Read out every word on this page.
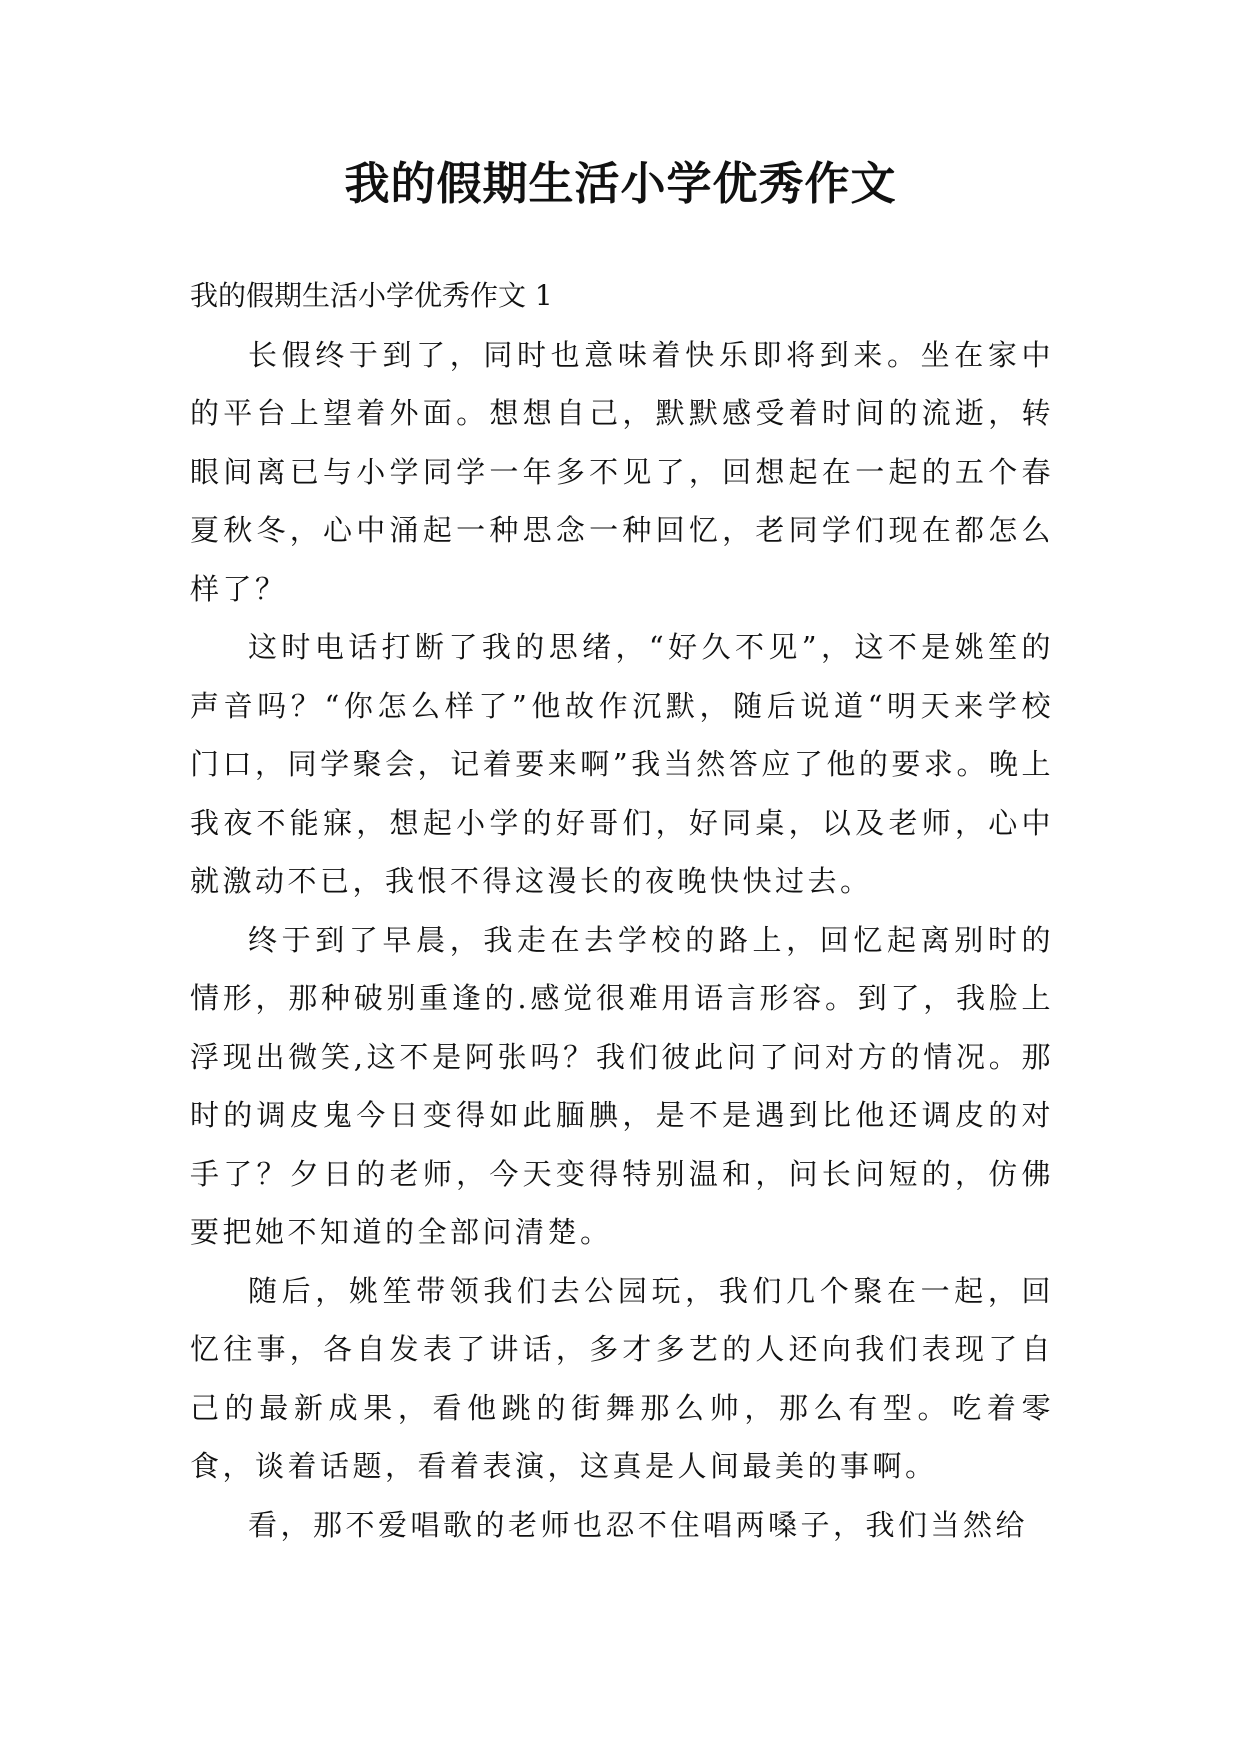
我的假期生活小学优秀作文

我的假期生活小学优秀作文 1

长假终于到了，同时也意味着快乐即将到来。坐在家中的平台上望着外面。想想自己，默默感受着时间的流逝，转眼间离已与小学同学一年多不见了，回想起在一起的五个春夏秋冬，心中涌起一种思念一种回忆，老同学们现在都怎么样了？

这时电话打断了我的思绪，“好久不见”，这不是姚笙的声音吗？“你怎么样了”他故作沉默，随后说道“明天来学校门口，同学聚会，记着要来啊”我当然答应了他的要求。晚上我夜不能寐，想起小学的好哥们，好同桌，以及老师，心中就激动不已，我恨不得这漫长的夜晚快快过去。

终于到了早晨，我走在去学校的路上，回忆起离别时的情形，那种破别重逢的.感觉很难用语言形容。到了，我脸上浮现出微笑,这不是阿张吗？我们彼此问了问对方的情况。那时的调皮鬼今日变得如此腼腆，是不是遇到比他还调皮的对手了？夕日的老师，今天变得特别温和，问长问短的，仿佛要把她不知道的全部问清楚。

随后，姚笙带领我们去公园玩，我们几个聚在一起，回忆往事，各自发表了讲话，多才多艺的人还向我们表现了自己的最新成果，看他跳的街舞那么帅，那么有型。吃着零食，谈着话题，看着表演，这真是人间最美的事啊。

看，那不爱唱歌的老师也忍不住唱两嗓子，我们当然给
